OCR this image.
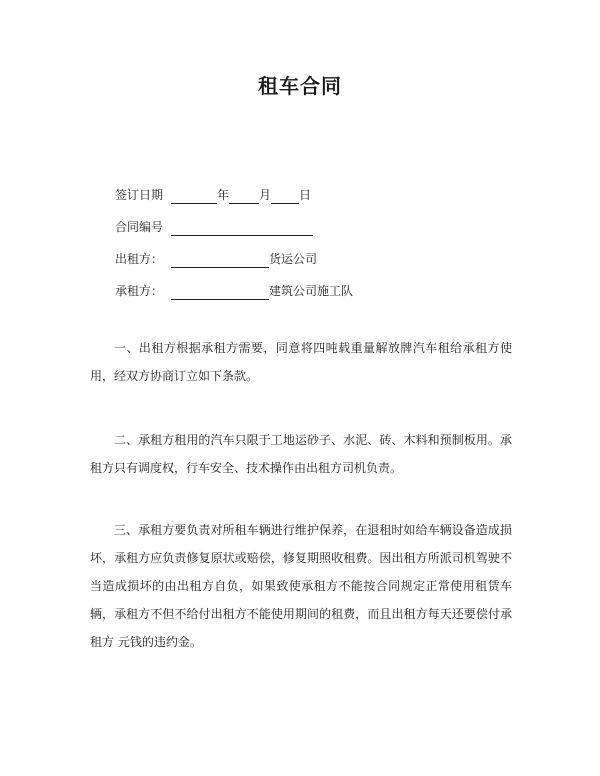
租车合同
签订日期	年	月 日
合同编号
出租方：	货运公司
承租方：	建筑公司施工队

一、出租方根据承租方需要，同意将四吨载重量解放牌汽车租给承租方使用，经双方协商订立如下条款。

二、承租方租用的汽车只限于工地运砂子、水泥、砖、木料和预制板用。承租方只有调度权，行车安全、技术操作由出租方司机负责。

三、承租方要负责对所租车辆进行维护保养，在退租时如给车辆设备造成损坏，承租方应负责修复原状或赔偿，修复期照收租费。因出租方所派司机驾驶不当造成损坏的由出租方自负，如果致使承租方不能按合同规定正常使用租赁车辆，承租方不但不给付出租方不能使用期间的租费，而且出租方每天还要偿付承租方 元钱的违约金。
